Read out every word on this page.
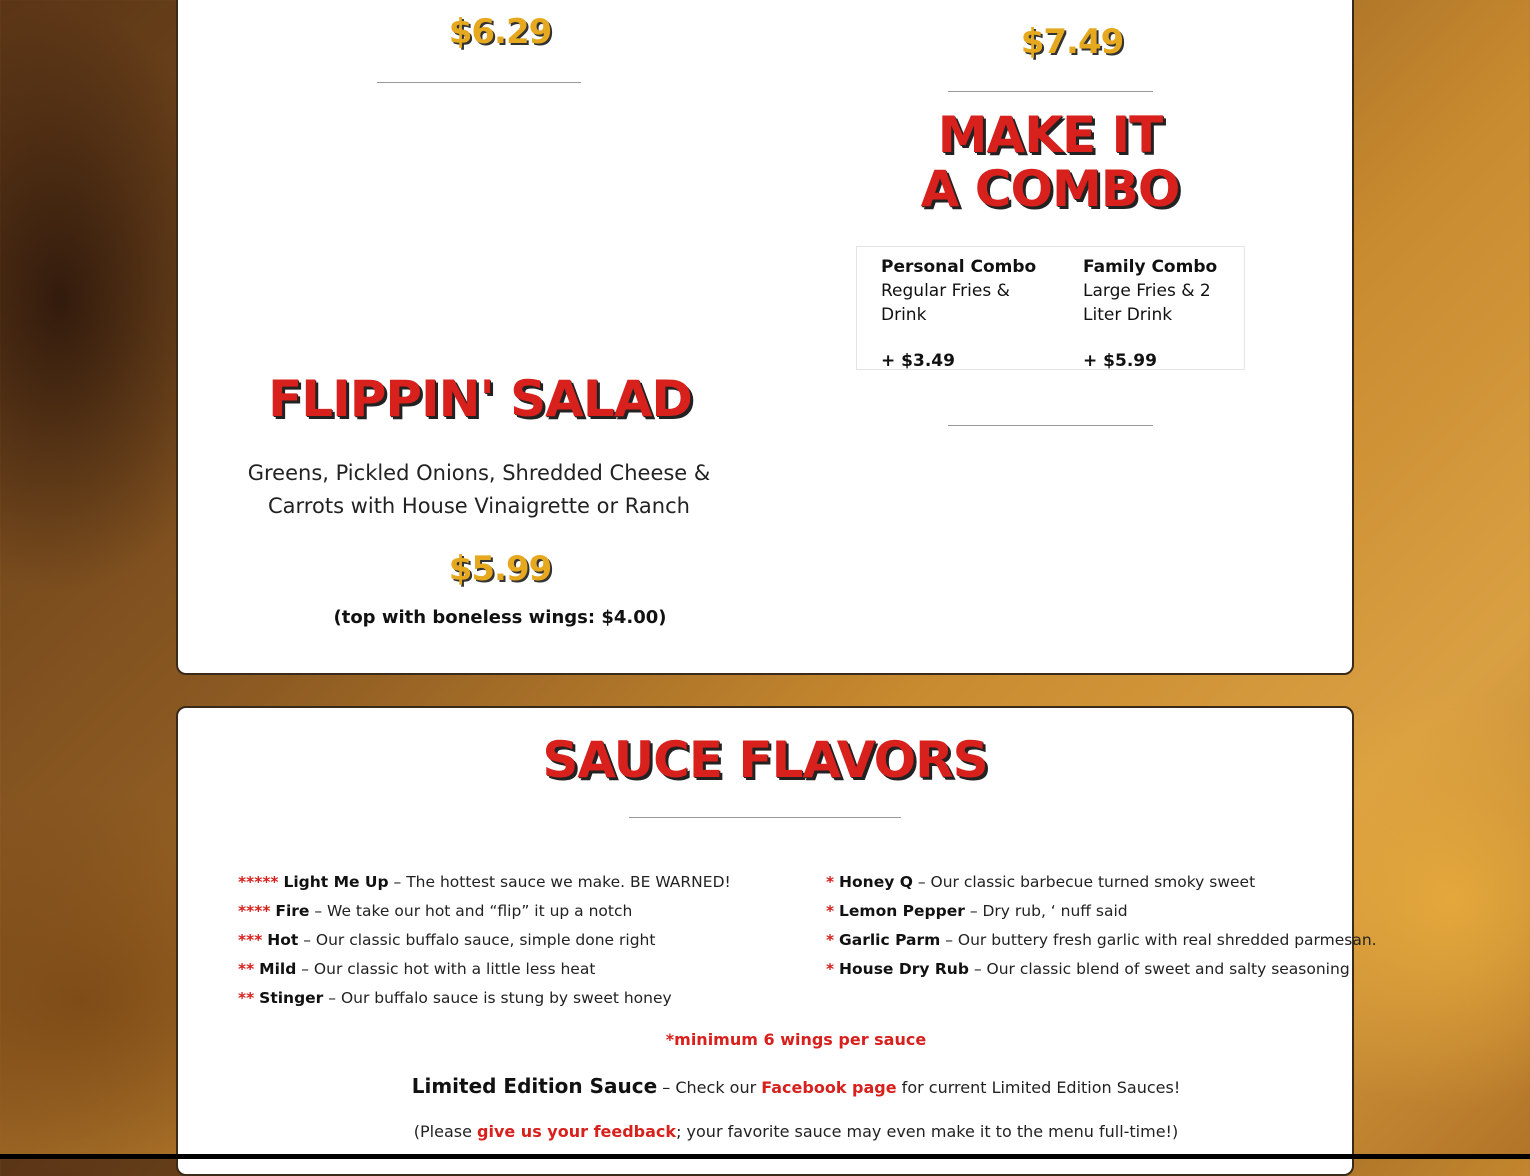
$6.29	$7.49

MAKE IT

A COMBO

Personal Combo
Regular Fries & Drink
+ $3.49
Family Combo
Large Fries & 2 Liter Drink
+ $5.99

FLIPPIN' SALAD

Greens, Pickled Onions, Shredded Cheese &

Carrots with House Vinaigrette or Ranch

$5.99

(top with boneless wings: $4.00)

SAUCE FLAVORS

***** Light Me Up – The hottest sauce we make. BE WARNED!
**** Fire – We take our hot and “flip” it up a notch
*** Hot – Our classic buffalo sauce, simple done right
** Mild – Our classic hot with a little less heat
** Stinger – Our buffalo sauce is stung by sweet honey
* Honey Q – Our classic barbecue turned smoky sweet
* Lemon Pepper – Dry rub, ‘ nuff said
* Garlic Parm – Our buttery fresh garlic with real shredded parmesan.
* House Dry Rub – Our classic blend of sweet and salty seasoning
*minimum 6 wings per sauce
Limited Edition Sauce – Check our Facebook page for current Limited Edition Sauces!
(Please give us your feedback; your favorite sauce may even make it to the menu full-time!)
